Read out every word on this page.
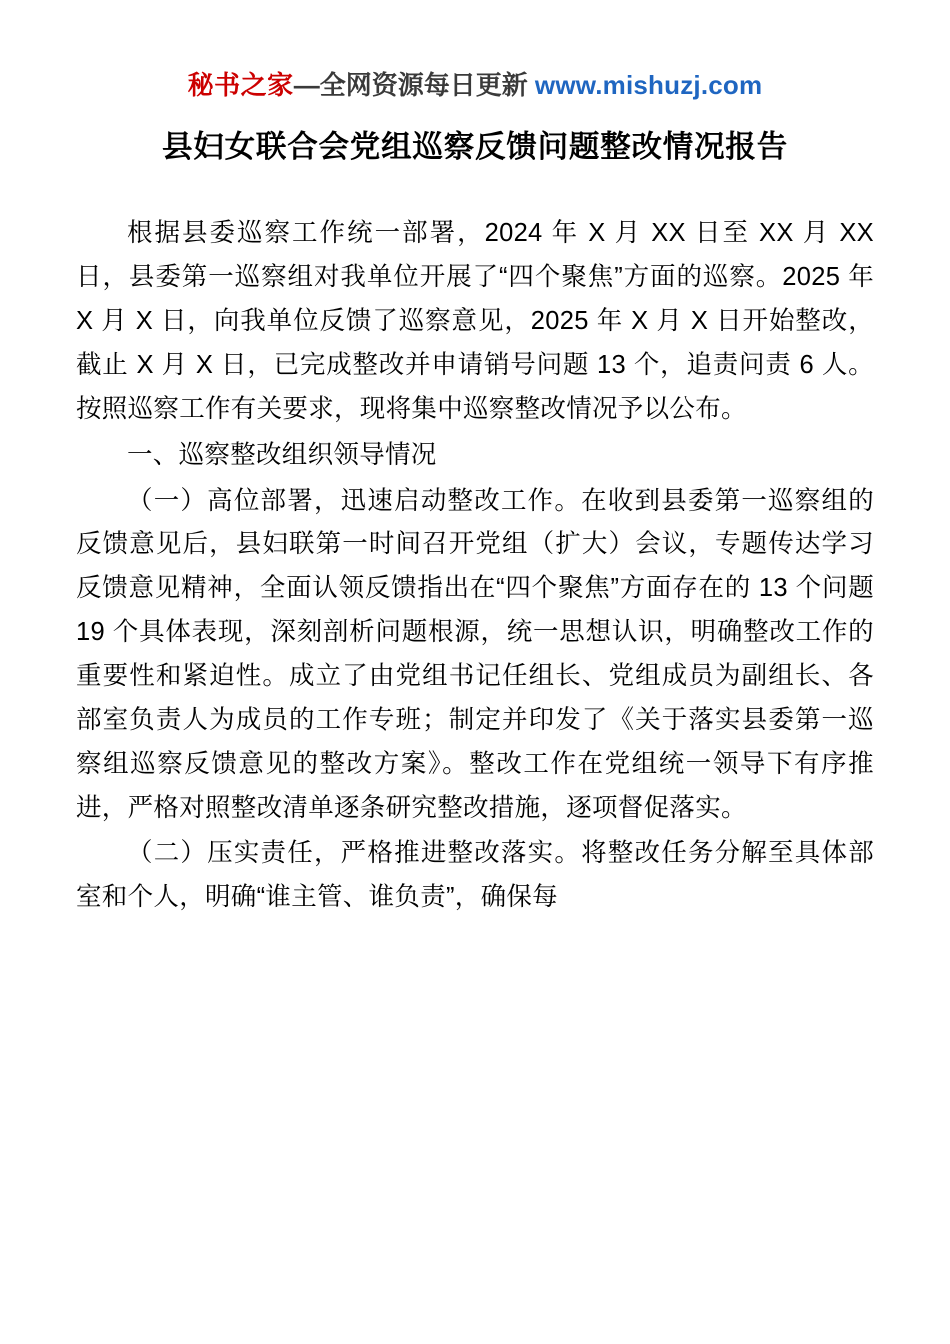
秘书之家—全网资源每日更新 www.mishuzj.com
县妇女联合会党组巡察反馈问题整改情况报告

根据县委巡察工作统一部署，2024 年 X 月 XX 日至 XX 月 XX 日，县委第一巡察组对我单位开展了“四个聚焦”方面的巡察。2025 年 X 月 X 日，向我单位反馈了巡察意见，2025 年 X 月 X 日开始整改，截止 X 月 X 日，已完成整改并申请销号问题 13 个，追责问责 6 人。按照巡察工作有关要求，现将集中巡察整改情况予以公布。

一、巡察整改组织领导情况

（一）高位部署，迅速启动整改工作。在收到县委第一巡察组的反馈意见后，县妇联第一时间召开党组（扩大）会议，专题传达学习反馈意见精神，全面认领反馈指出在“四个聚焦”方面存在的 13 个问题 19 个具体表现，深刻剖析问题根源，统一思想认识，明确整改工作的重要性和紧迫性。成立了由党组书记任组长、党组成员为副组长、各部室负责人为成员的工作专班；制定并印发了《关于落实县委第一巡察组巡察反馈意见的整改方案》。整改工作在党组统一领导下有序推进，严格对照整改清单逐条研究整改措施，逐项督促落实。

（二）压实责任，严格推进整改落实。将整改任务分解至具体部室和个人，明确“谁主管、谁负责”，确保每
